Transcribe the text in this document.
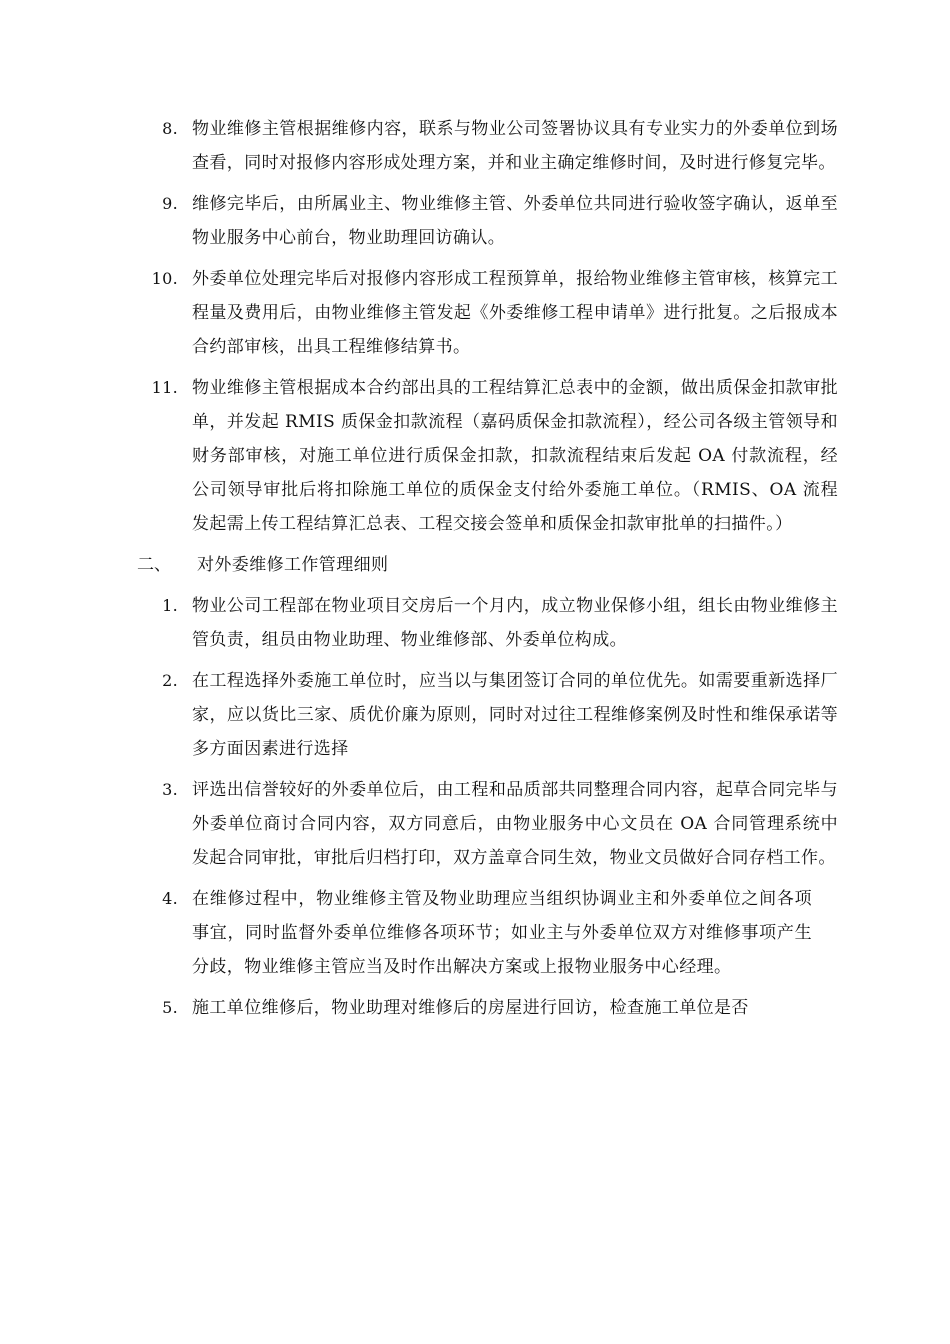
8. 物业维修主管根据维修内容，联系与物业公司签署协议具有专业实力的外委单位到场查看，同时对报修内容形成处理方案，并和业主确定维修时间，及时进行修复完毕。
9. 维修完毕后，由所属业主、物业维修主管、外委单位共同进行验收签字确认，返单至物业服务中心前台，物业助理回访确认。
10. 外委单位处理完毕后对报修内容形成工程预算单，报给物业维修主管审核，核算完工程量及费用后，由物业维修主管发起《外委维修工程申请单》进行批复。之后报成本合约部审核，出具工程维修结算书。
11. 物业维修主管根据成本合约部出具的工程结算汇总表中的金额，做出质保金扣款审批单，并发起 RMIS 质保金扣款流程（嘉码质保金扣款流程），经公司各级主管领导和财务部审核，对施工单位进行质保金扣款，扣款流程结束后发起 OA 付款流程，经公司领导审批后将扣除施工单位的质保金支付给外委施工单位。（RMIS、OA 流程发起需上传工程结算汇总表、工程交接会签单和质保金扣款审批单的扫描件。）
二、 对外委维修工作管理细则
1. 物业公司工程部在物业项目交房后一个月内，成立物业保修小组，组长由物业维修主管负责，组员由物业助理、物业维修部、外委单位构成。
2. 在工程选择外委施工单位时，应当以与集团签订合同的单位优先。如需要重新选择厂家，应以货比三家、质优价廉为原则，同时对过往工程维修案例及时性和维保承诺等多方面因素进行选择
3. 评选出信誉较好的外委单位后，由工程和品质部共同整理合同内容，起草合同完毕与外委单位商讨合同内容，双方同意后，由物业服务中心文员在 OA 合同管理系统中发起合同审批，审批后归档打印，双方盖章合同生效，物业文员做好合同存档工作。
4. 在维修过程中，物业维修主管及物业助理应当组织协调业主和外委单位之间各项事宜，同时监督外委单位维修各项环节；如业主与外委单位双方对维修事项产生分歧，物业维修主管应当及时作出解决方案或上报物业服务中心经理。
5. 施工单位维修后，物业助理对维修后的房屋进行回访，检查施工单位是否
